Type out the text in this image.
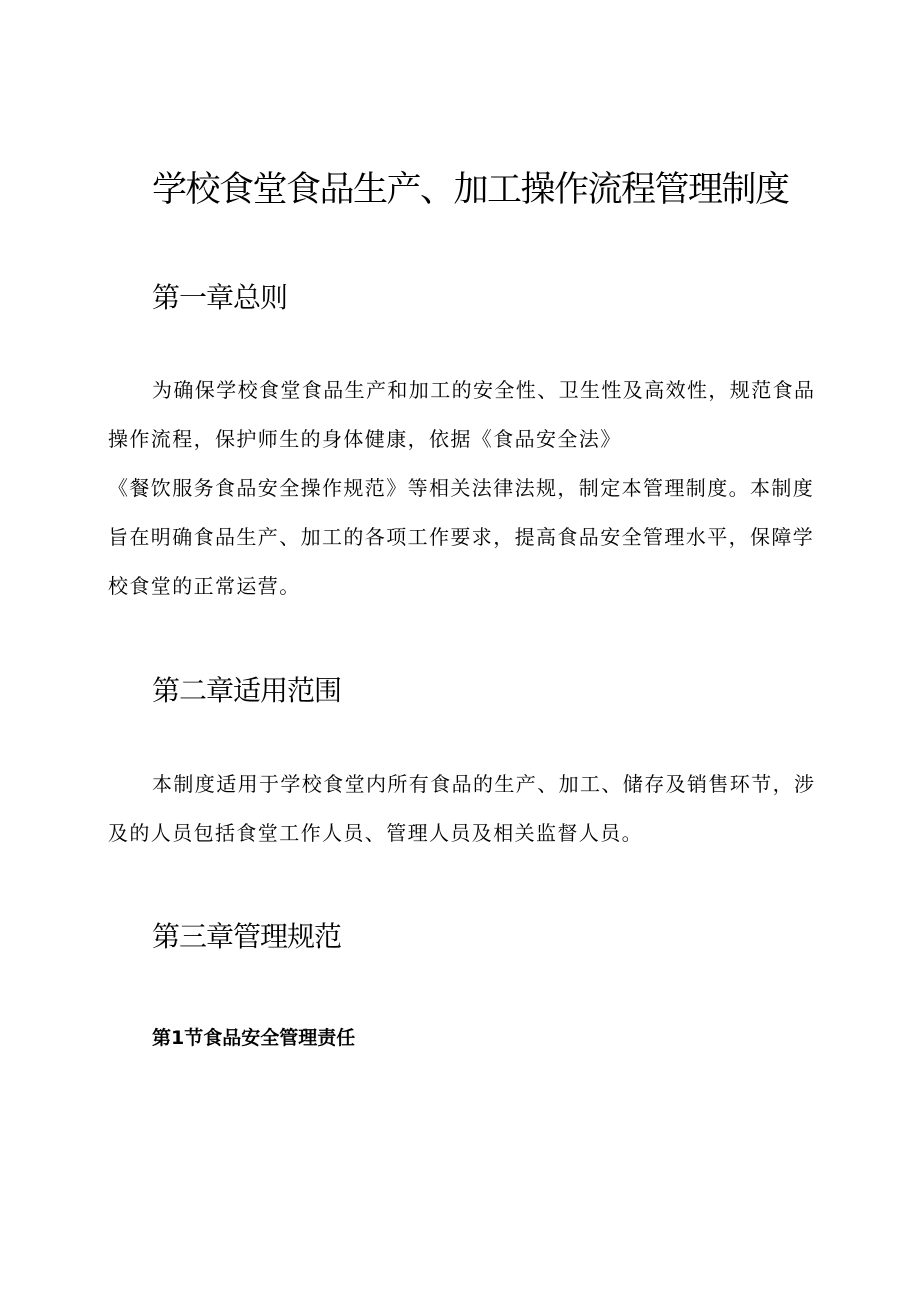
学校食堂食品生产、加工操作流程管理制度
第一章总则

为确保学校食堂食品生产和加工的安全性、卫生性及高效性，规范食品
操作流程，保护师生的身体健康，依据《食品安全法》
《餐饮服务食品安全操作规范》等相关法律法规，制定本管理制度。本制度
旨在明确食品生产、加工的各项工作要求，提高食品安全管理水平，保障学
校食堂的正常运营。

第二章适用范围

本制度适用于学校食堂内所有食品的生产、加工、储存及销售环节，涉
及的人员包括食堂工作人员、管理人员及相关监督人员。

第三章管理规范
第1节食品安全管理责任
